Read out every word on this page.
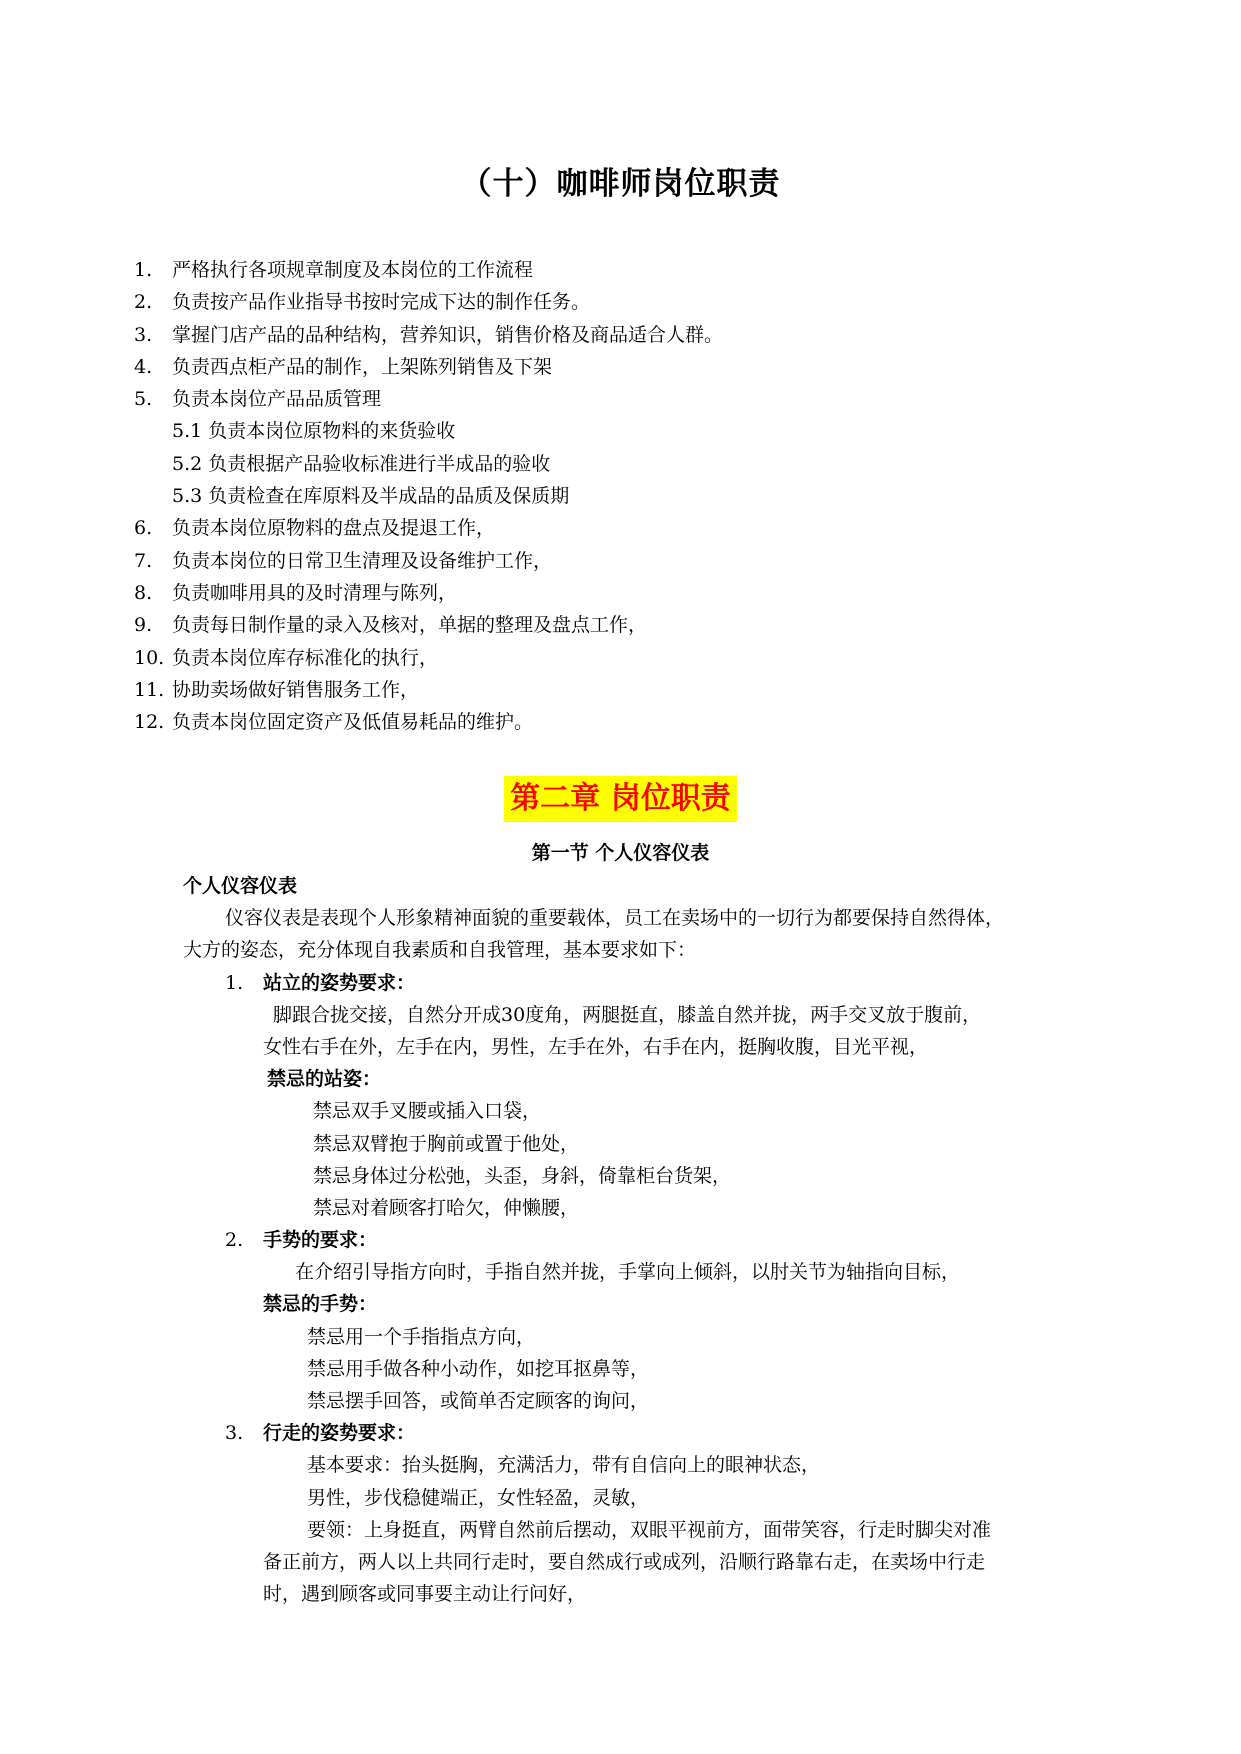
（十）咖啡师岗位职责
1. 严格执行各项规章制度及本岗位的工作流程
2. 负责按产品作业指导书按时完成下达的制作任务。
3. 掌握门店产品的品种结构，营养知识，销售价格及商品适合人群。
4. 负责西点柜产品的制作，上架陈列销售及下架
5. 负责本岗位产品品质管理
5.1 负责本岗位原物料的来货验收
5.2 负责根据产品验收标准进行半成品的验收
5.3 负责检查在库原料及半成品的品质及保质期
6. 负责本岗位原物料的盘点及提退工作，
7. 负责本岗位的日常卫生清理及设备维护工作，
8. 负责咖啡用具的及时清理与陈列，
9. 负责每日制作量的录入及核对，单据的整理及盘点工作，
10. 负责本岗位库存标准化的执行，
11. 协助卖场做好销售服务工作，
12. 负责本岗位固定资产及低值易耗品的维护。
第二章 岗位职责
第一节 个人仪容仪表
个人仪容仪表
仪容仪表是表现个人形象精神面貌的重要载体，员工在卖场中的一切行为都要保持自然得体，
大方的姿态，充分体现自我素质和自我管理，基本要求如下：
1. 站立的姿势要求：
脚跟合拢交接，自然分开成30度角，两腿挺直，膝盖自然并拢，两手交叉放于腹前，
女性右手在外，左手在内，男性，左手在外，右手在内，挺胸收腹，目光平视，
禁忌的站姿：
禁忌双手叉腰或插入口袋，
禁忌双臂抱于胸前或置于他处，
禁忌身体过分松弛，头歪，身斜，倚靠柜台货架，
禁忌对着顾客打哈欠，伸懒腰，
2. 手势的要求：
在介绍引导指方向时，手指自然并拢，手掌向上倾斜，以肘关节为轴指向目标，
禁忌的手势：
禁忌用一个手指指点方向，
禁忌用手做各种小动作，如挖耳抠鼻等，
禁忌摆手回答，或简单否定顾客的询问，
3. 行走的姿势要求：
基本要求：抬头挺胸，充满活力，带有自信向上的眼神状态，
男性，步伐稳健端正，女性轻盈，灵敏，
要领：上身挺直，两臂自然前后摆动，双眼平视前方，面带笑容，行走时脚尖对准
备正前方，两人以上共同行走时，要自然成行或成列，沿顺行路靠右走，在卖场中行走
时，遇到顾客或同事要主动让行问好，
